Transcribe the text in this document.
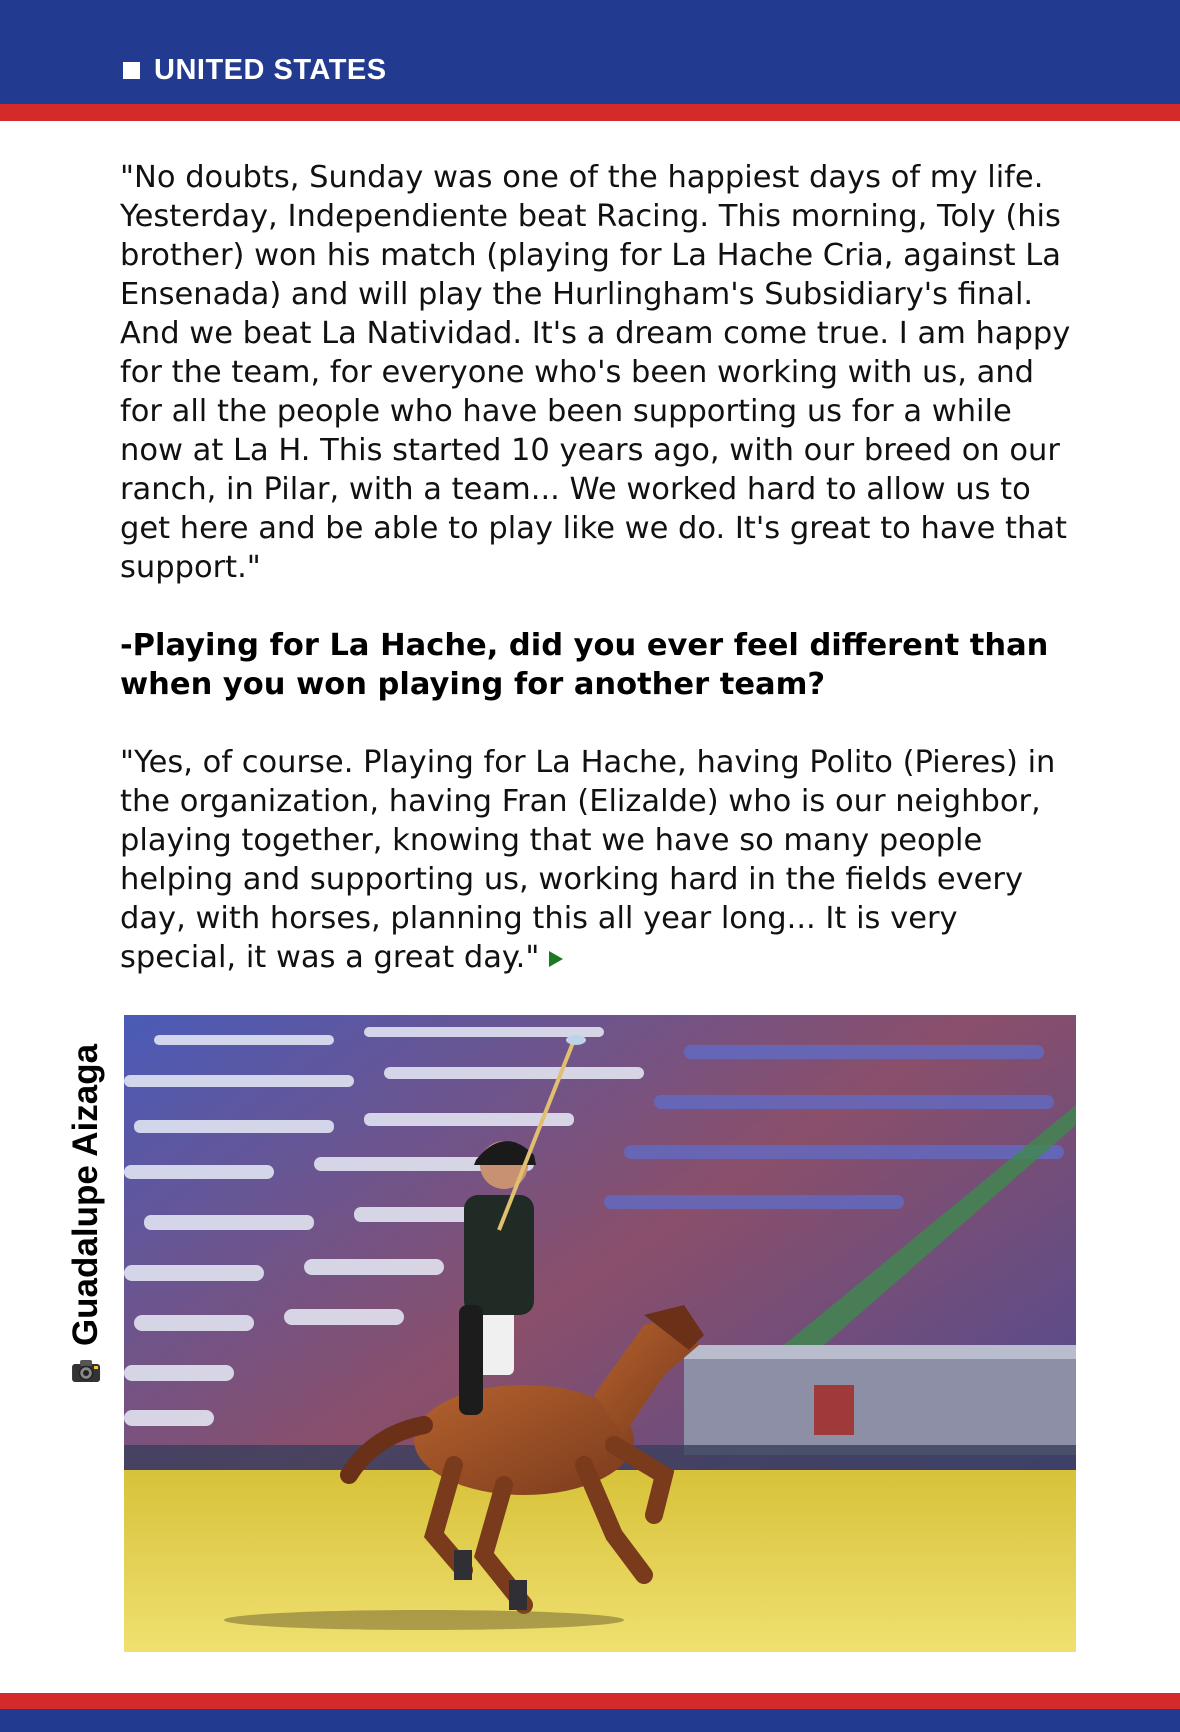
UNITED STATES

"No doubts, Sunday was one of the happiest days of my life. Yesterday, Independiente beat Racing. This morning, Toly (his brother) won his match (playing for La Hache Cria, against La Ensenada) and will play the Hurlingham's Subsidiary's final. And we beat La Natividad. It's a dream come true. I am happy for the team, for everyone who's been working with us, and for all the people who have been supporting us for a while now at La H. This started 10 years ago, with our breed on our ranch, in Pilar, with a team... We worked hard to allow us to get here and be able to play like we do. It's great to have that support."

-Playing for La Hache, did you ever feel different than when you won playing for another team?

"Yes, of course. Playing for La Hache, having Polito (Pieres) in the organization, having Fran (Elizalde) who is our neighbor, playing together, knowing that we have so many people helping and supporting us, working hard in the fields every day, with horses, planning this all year long... It is very special, it was a great day."

Guadalupe Aizaga
